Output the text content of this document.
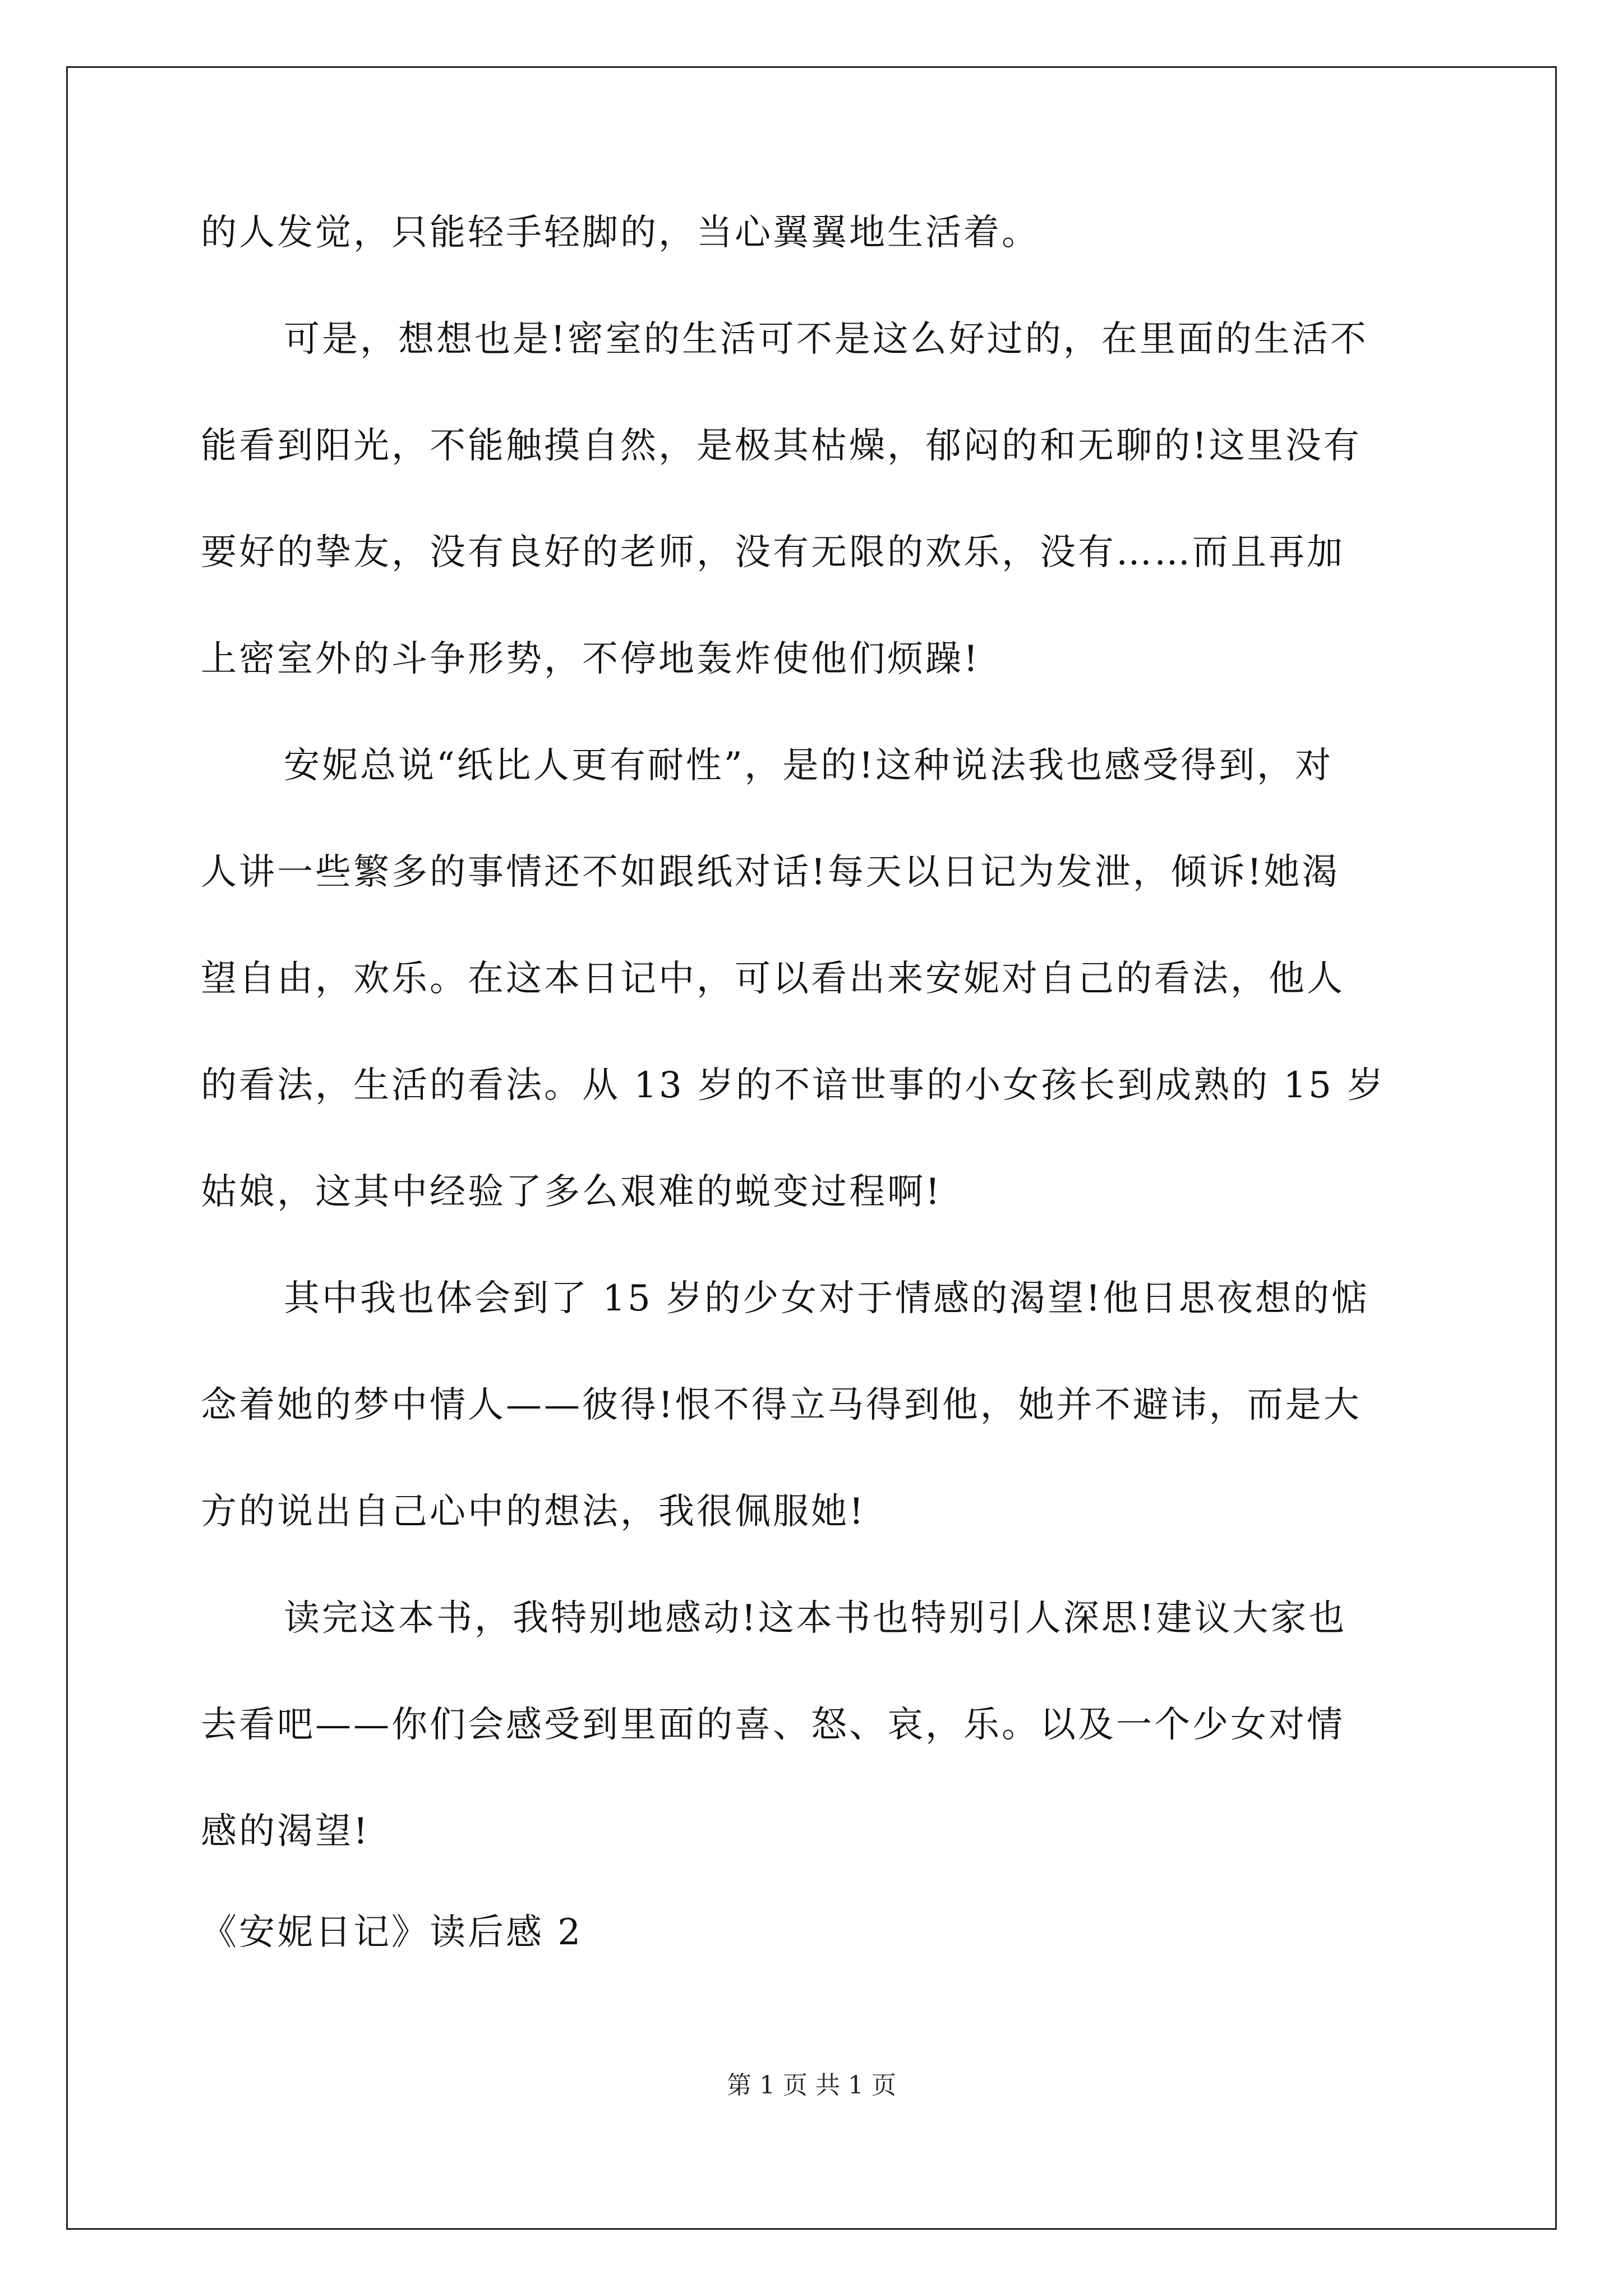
的人发觉，只能轻手轻脚的，当心翼翼地生活着。
可是，想想也是!密室的生活可不是这么好过的，在里面的生活不
能看到阳光，不能触摸自然，是极其枯燥，郁闷的和无聊的!这里没有
要好的挚友，没有良好的老师，没有无限的欢乐，没有……而且再加
上密室外的斗争形势，不停地轰炸使他们烦躁!
安妮总说“纸比人更有耐性”，是的!这种说法我也感受得到，对
人讲一些繁多的事情还不如跟纸对话!每天以日记为发泄，倾诉!她渴
望自由，欢乐。在这本日记中，可以看出来安妮对自己的看法，他人
的看法，生活的看法。从 13 岁的不谙世事的小女孩长到成熟的 15 岁
姑娘，这其中经验了多么艰难的蜕变过程啊!
其中我也体会到了 15 岁的少女对于情感的渴望!他日思夜想的惦
念着她的梦中情人——彼得!恨不得立马得到他，她并不避讳，而是大
方的说出自己心中的想法，我很佩服她!
读完这本书，我特别地感动!这本书也特别引人深思!建议大家也
去看吧——你们会感受到里面的喜、怒、哀，乐。以及一个少女对情
感的渴望!
《安妮日记》读后感 2
第 1 页 共 1 页
